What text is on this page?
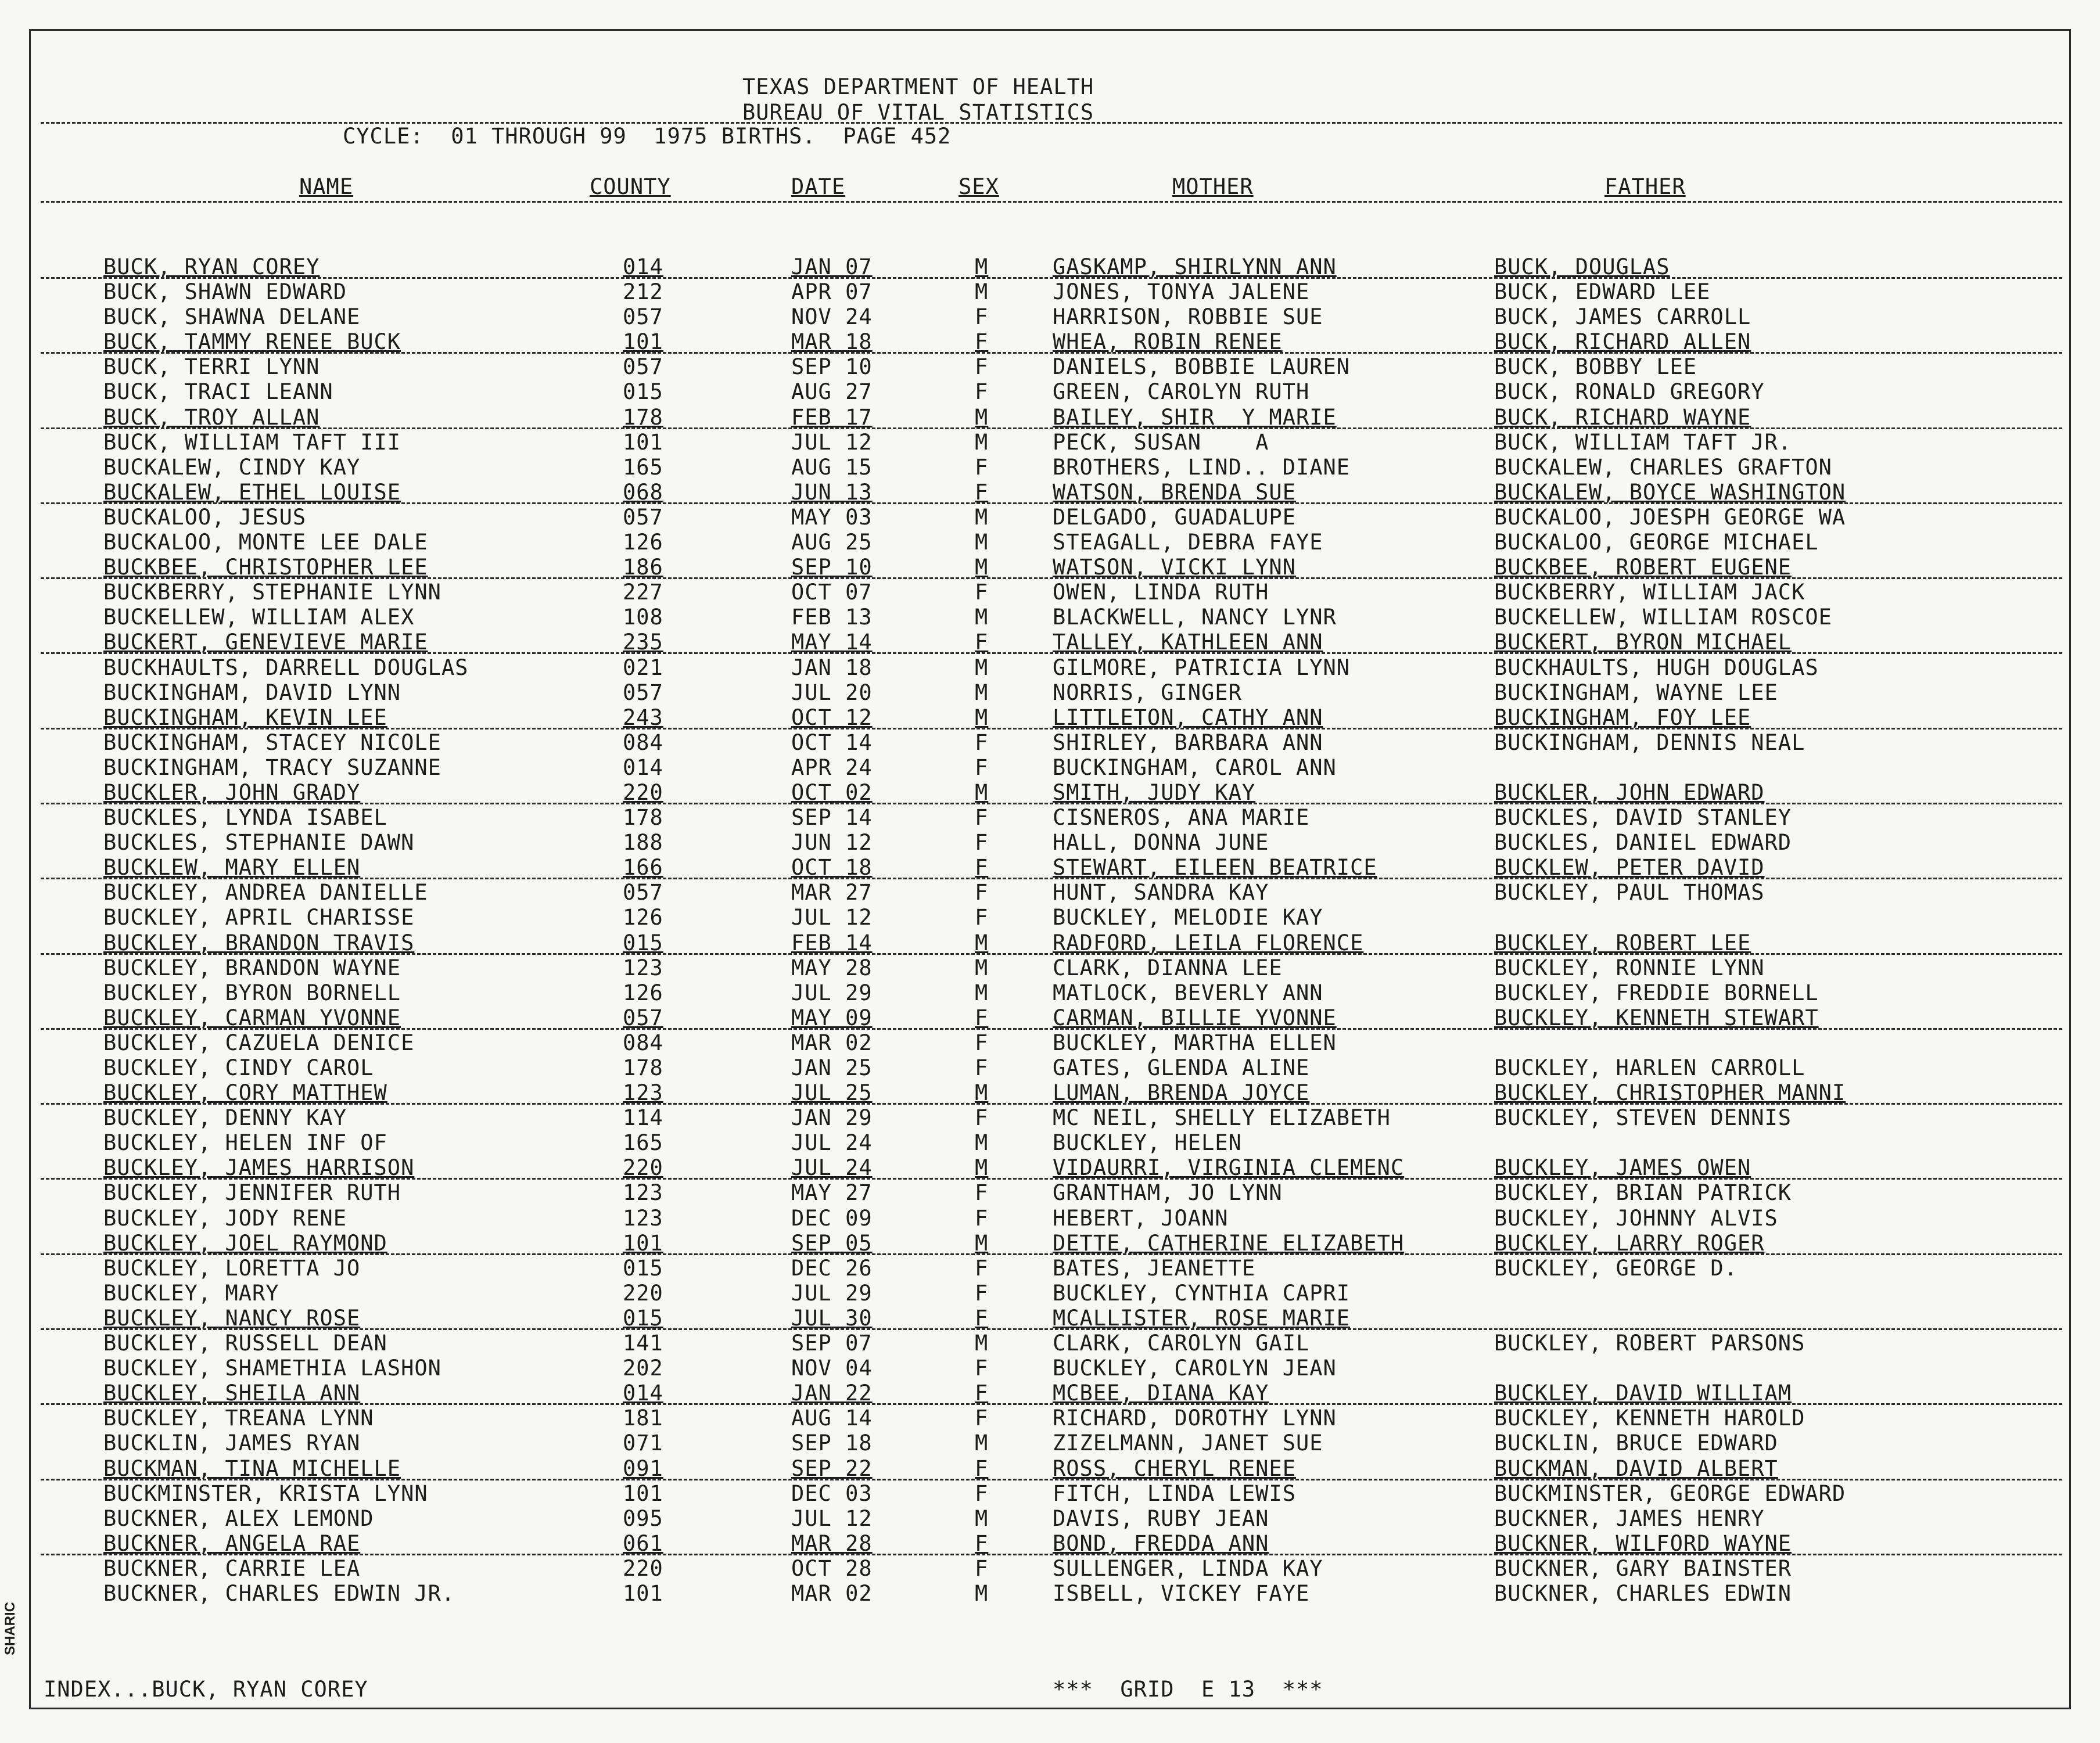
TEXAS DEPARTMENT OF HEALTH
BUREAU OF VITAL STATISTICS
CYCLE:  01 THROUGH 99  1975 BIRTHS.  PAGE 452
NAME	COUNTY	DATE	SEX	MOTHER	FATHER
BUCK, RYAN COREY	014	JAN 07	M	GASKAMP, SHIRLYNN ANN	BUCK, DOUGLAS
BUCK, SHAWN EDWARD	212	APR 07	M	JONES, TONYA JALENE	BUCK, EDWARD LEE
BUCK, SHAWNA DELANE	057	NOV 24	F	HARRISON, ROBBIE SUE	BUCK, JAMES CARROLL
BUCK, TAMMY RENEE BUCK	101	MAR 18	F	WHEA, ROBIN RENEE	BUCK, RICHARD ALLEN
BUCK, TERRI LYNN	057	SEP 10	F	DANIELS, BOBBIE LAUREN	BUCK, BOBBY LEE
BUCK, TRACI LEANN	015	AUG 27	F	GREEN, CAROLYN RUTH	BUCK, RONALD GREGORY
BUCK, TROY ALLAN	178	FEB 17	M	BAILEY, SHIR  Y MARIE	BUCK, RICHARD WAYNE
BUCK, WILLIAM TAFT III	101	JUL 12	M	PECK, SUSAN    A	BUCK, WILLIAM TAFT JR.
BUCKALEW, CINDY KAY	165	AUG 15	F	BROTHERS, LIND.. DIANE	BUCKALEW, CHARLES GRAFTON
BUCKALEW, ETHEL LOUISE	068	JUN 13	F	WATSON, BRENDA SUE	BUCKALEW, BOYCE WASHINGTON
BUCKALOO, JESUS	057	MAY 03	M	DELGADO, GUADALUPE	BUCKALOO, JOESPH GEORGE WA
BUCKALOO, MONTE LEE DALE	126	AUG 25	M	STEAGALL, DEBRA FAYE	BUCKALOO, GEORGE MICHAEL
BUCKBEE, CHRISTOPHER LEE	186	SEP 10	M	WATSON, VICKI LYNN	BUCKBEE, ROBERT EUGENE
BUCKBERRY, STEPHANIE LYNN	227	OCT 07	F	OWEN, LINDA RUTH	BUCKBERRY, WILLIAM JACK
BUCKELLEW, WILLIAM ALEX	108	FEB 13	M	BLACKWELL, NANCY LYNR	BUCKELLEW, WILLIAM ROSCOE
BUCKERT, GENEVIEVE MARIE	235	MAY 14	F	TALLEY, KATHLEEN ANN	BUCKERT, BYRON MICHAEL
BUCKHAULTS, DARRELL DOUGLAS	021	JAN 18	M	GILMORE, PATRICIA LYNN	BUCKHAULTS, HUGH DOUGLAS
BUCKINGHAM, DAVID LYNN	057	JUL 20	M	NORRIS, GINGER	BUCKINGHAM, WAYNE LEE
BUCKINGHAM, KEVIN LEE	243	OCT 12	M	LITTLETON, CATHY ANN	BUCKINGHAM, FOY LEE
BUCKINGHAM, STACEY NICOLE	084	OCT 14	F	SHIRLEY, BARBARA ANN	BUCKINGHAM, DENNIS NEAL
BUCKINGHAM, TRACY SUZANNE	014	APR 24	F	BUCKINGHAM, CAROL ANN
BUCKLER, JOHN GRADY	220	OCT 02	M	SMITH, JUDY KAY	BUCKLER, JOHN EDWARD
BUCKLES, LYNDA ISABEL	178	SEP 14	F	CISNEROS, ANA MARIE	BUCKLES, DAVID STANLEY
BUCKLES, STEPHANIE DAWN	188	JUN 12	F	HALL, DONNA JUNE	BUCKLES, DANIEL EDWARD
BUCKLEW, MARY ELLEN	166	OCT 18	F	STEWART, EILEEN BEATRICE	BUCKLEW, PETER DAVID
BUCKLEY, ANDREA DANIELLE	057	MAR 27	F	HUNT, SANDRA KAY	BUCKLEY, PAUL THOMAS
BUCKLEY, APRIL CHARISSE	126	JUL 12	F	BUCKLEY, MELODIE KAY
BUCKLEY, BRANDON TRAVIS	015	FEB 14	M	RADFORD, LEILA FLORENCE	BUCKLEY, ROBERT LEE
BUCKLEY, BRANDON WAYNE	123	MAY 28	M	CLARK, DIANNA LEE	BUCKLEY, RONNIE LYNN
BUCKLEY, BYRON BORNELL	126	JUL 29	M	MATLOCK, BEVERLY ANN	BUCKLEY, FREDDIE BORNELL
BUCKLEY, CARMAN YVONNE	057	MAY 09	F	CARMAN, BILLIE YVONNE	BUCKLEY, KENNETH STEWART
BUCKLEY, CAZUELA DENICE	084	MAR 02	F	BUCKLEY, MARTHA ELLEN
BUCKLEY, CINDY CAROL	178	JAN 25	F	GATES, GLENDA ALINE	BUCKLEY, HARLEN CARROLL
BUCKLEY, CORY MATTHEW	123	JUL 25	M	LUMAN, BRENDA JOYCE	BUCKLEY, CHRISTOPHER MANNI
BUCKLEY, DENNY KAY	114	JAN 29	F	MC NEIL, SHELLY ELIZABETH	BUCKLEY, STEVEN DENNIS
BUCKLEY, HELEN INF OF	165	JUL 24	M	BUCKLEY, HELEN
BUCKLEY, JAMES HARRISON	220	JUL 24	M	VIDAURRI, VIRGINIA CLEMENC	BUCKLEY, JAMES OWEN
BUCKLEY, JENNIFER RUTH	123	MAY 27	F	GRANTHAM, JO LYNN	BUCKLEY, BRIAN PATRICK
BUCKLEY, JODY RENE	123	DEC 09	F	HEBERT, JOANN	BUCKLEY, JOHNNY ALVIS
BUCKLEY, JOEL RAYMOND	101	SEP 05	M	DETTE, CATHERINE ELIZABETH	BUCKLEY, LARRY ROGER
BUCKLEY, LORETTA JO	015	DEC 26	F	BATES, JEANETTE	BUCKLEY, GEORGE D.
BUCKLEY, MARY	220	JUL 29	F	BUCKLEY, CYNTHIA CAPRI
BUCKLEY, NANCY ROSE	015	JUL 30	F	MCALLISTER, ROSE MARIE
BUCKLEY, RUSSELL DEAN	141	SEP 07	M	CLARK, CAROLYN GAIL	BUCKLEY, ROBERT PARSONS
BUCKLEY, SHAMETHIA LASHON	202	NOV 04	F	BUCKLEY, CAROLYN JEAN
BUCKLEY, SHEILA ANN	014	JAN 22	F	MCBEE, DIANA KAY	BUCKLEY, DAVID WILLIAM
BUCKLEY, TREANA LYNN	181	AUG 14	F	RICHARD, DOROTHY LYNN	BUCKLEY, KENNETH HAROLD
BUCKLIN, JAMES RYAN	071	SEP 18	M	ZIZELMANN, JANET SUE	BUCKLIN, BRUCE EDWARD
BUCKMAN, TINA MICHELLE	091	SEP 22	F	ROSS, CHERYL RENEE	BUCKMAN, DAVID ALBERT
BUCKMINSTER, KRISTA LYNN	101	DEC 03	F	FITCH, LINDA LEWIS	BUCKMINSTER, GEORGE EDWARD
BUCKNER, ALEX LEMOND	095	JUL 12	M	DAVIS, RUBY JEAN	BUCKNER, JAMES HENRY
BUCKNER, ANGELA RAE	061	MAR 28	F	BOND, FREDDA ANN	BUCKNER, WILFORD WAYNE
BUCKNER, CARRIE LEA	220	OCT 28	F	SULLENGER, LINDA KAY	BUCKNER, GARY BAINSTER
BUCKNER, CHARLES EDWIN JR.	101	MAR 02	M	ISBELL, VICKEY FAYE	BUCKNER, CHARLES EDWIN
INDEX...BUCK, RYAN COREY	***  GRID  E 13  ***
SHARIC
